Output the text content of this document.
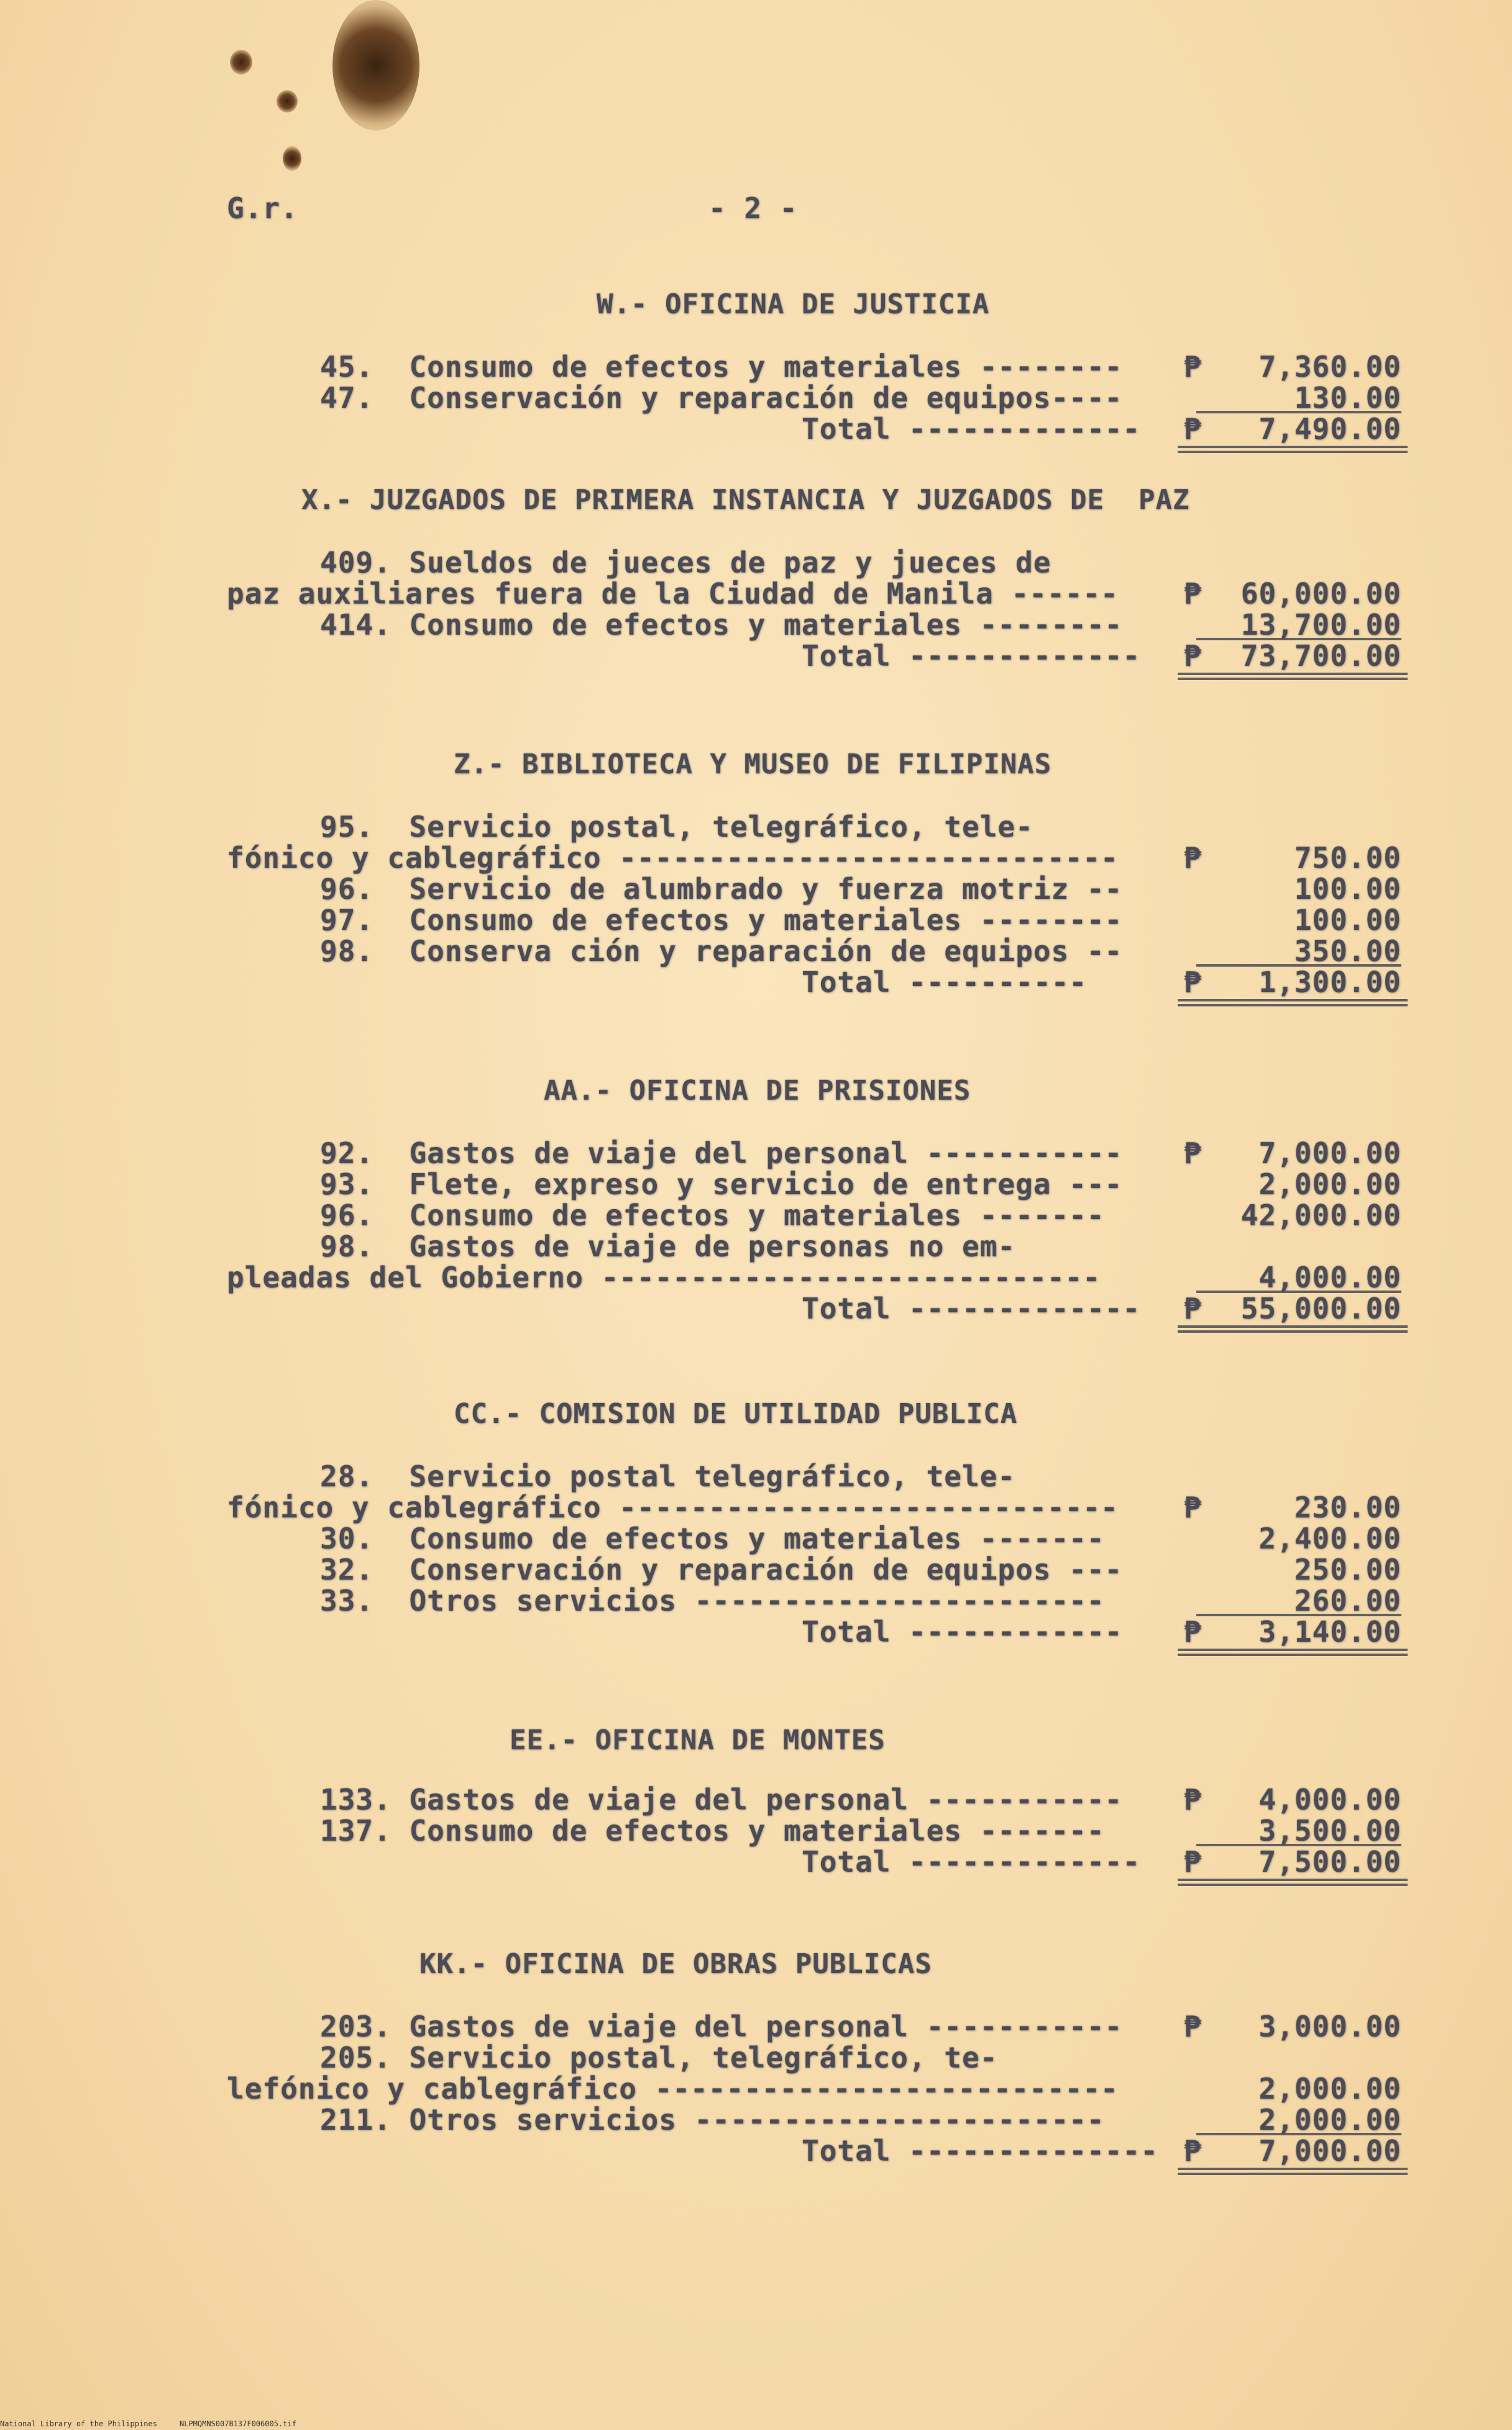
G.r.	- 2 -
W.- OFICINA DE JUSTICIA
45.  Consumo de efectos y materiales -------- ₱	7,360.00
47.  Conservación y reparación de equipos----	130.00
Total ------------- ₱	7,490.00
X.- JUZGADOS DE PRIMERA INSTANCIA Y JUZGADOS DE  PAZ
409. Sueldos de jueces de paz y jueces de
paz auxiliares fuera de la Ciudad de Manila ------ ₱	60,000.00
414. Consumo de efectos y materiales --------	13,700.00
Total ------------- ₱	73,700.00
Z.- BIBLIOTECA Y MUSEO DE FILIPINAS
95.  Servicio postal, telegráfico, tele-
fónico y cablegráfico ---------------------------- ₱	750.00
96.  Servicio de alumbrado y fuerza motriz --	100.00
97.  Consumo de efectos y materiales --------	100.00
98.  Conserva ción y reparación de equipos --	350.00
Total ----------	₱	1,300.00
AA.- OFICINA DE PRISIONES
92.  Gastos de viaje del personal ----------- ₱	7,000.00
93.  Flete, expreso y servicio de entrega ---	2,000.00
96.  Consumo de efectos y materiales -------	42,000.00
98.  Gastos de viaje de personas no em-
pleadas del Gobierno ----------------------------	4,000.00
Total ------------- ₱	55,000.00
CC.- COMISION DE UTILIDAD PUBLICA
28.  Servicio postal telegráfico, tele-
fónico y cablegráfico ---------------------------- ₱	230.00
30.  Consumo de efectos y materiales -------	2,400.00
32.  Conservación y reparación de equipos ---	250.00
33.  Otros servicios -----------------------	260.00
Total ------------ ₱	3,140.00
EE.- OFICINA DE MONTES
133. Gastos de viaje del personal ----------- ₱	4,000.00
137. Consumo de efectos y materiales -------	3,500.00
Total ------------- ₱	7,500.00
KK.- OFICINA DE OBRAS PUBLICAS
203. Gastos de viaje del personal ----------- ₱	3,000.00
205. Servicio postal, telegráfico, te-
lefónico y cablegráfico --------------------------	2,000.00
211. Otros servicios -----------------------	2,000.00
Total -------------- ₱	7,000.00
National Library of the Philippines     NLPMQMNS007B137F006005.tif
